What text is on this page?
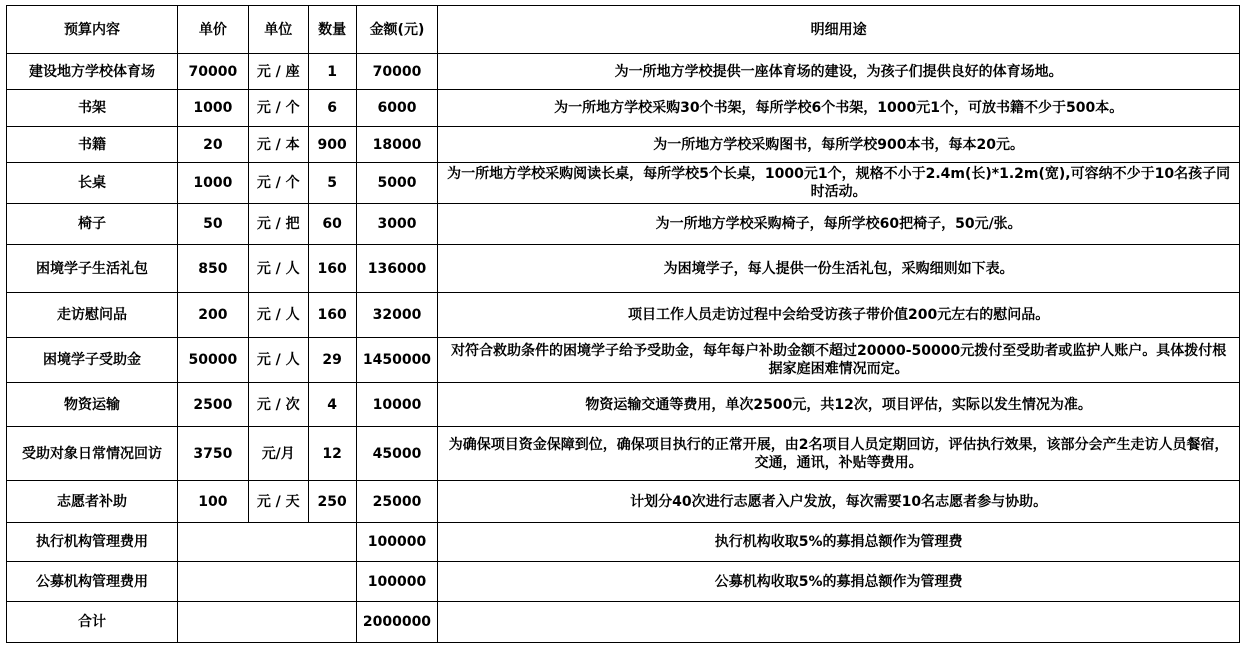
预算内容	单价	单位	数量	金额(元)	明细用途
建设地方学校体育场	70000	元 / 座	1	70000	为一所地方学校提供一座体育场的建设，为孩子们提供良好的体育场地。
书架	1000	元 / 个	6	6000	为一所地方学校采购30个书架，每所学校6个书架，1000元1个，可放书籍不少于500本。
书籍	20	元 / 本	900	18000	为一所地方学校采购图书，每所学校900本书，每本20元。
长桌	1000	元 / 个	5	5000	为一所地方学校采购阅读长桌，每所学校5个长桌，1000元1个，规格不小于2.4m(长)*1.2m(宽),可容纳不少于10名孩子同时活动。
椅子	50	元 / 把	60	3000	为一所地方学校采购椅子，每所学校60把椅子，50元/张。
困境学子生活礼包	850	元 / 人	160	136000	为困境学子，每人提供一份生活礼包，采购细则如下表。
走访慰问品	200	元 / 人	160	32000	项目工作人员走访过程中会给受访孩子带价值200元左右的慰问品。
困境学子受助金	50000	元 / 人	29	1450000	对符合救助条件的困境学子给予受助金，每年每户补助金额不超过20000-50000元拨付至受助者或监护人账户。具体拨付根据家庭困难情况而定。
物资运输	2500	元 / 次	4	10000	物资运输交通等费用，单次2500元，共12次，项目评估，实际以发生情况为准。
受助对象日常情况回访	3750	元/月	12	45000	为确保项目资金保障到位，确保项目执行的正常开展，由2名项目人员定期回访，评估执行效果，该部分会产生走访人员餐宿，交通，通讯，补贴等费用。
志愿者补助	100	元 / 天	250	25000	计划分40次进行志愿者入户发放，每次需要10名志愿者参与协助。
执行机构管理费用				100000	执行机构收取5%的募捐总额作为管理费
公募机构管理费用				100000	公募机构收取5%的募捐总额作为管理费
合计				2000000	
